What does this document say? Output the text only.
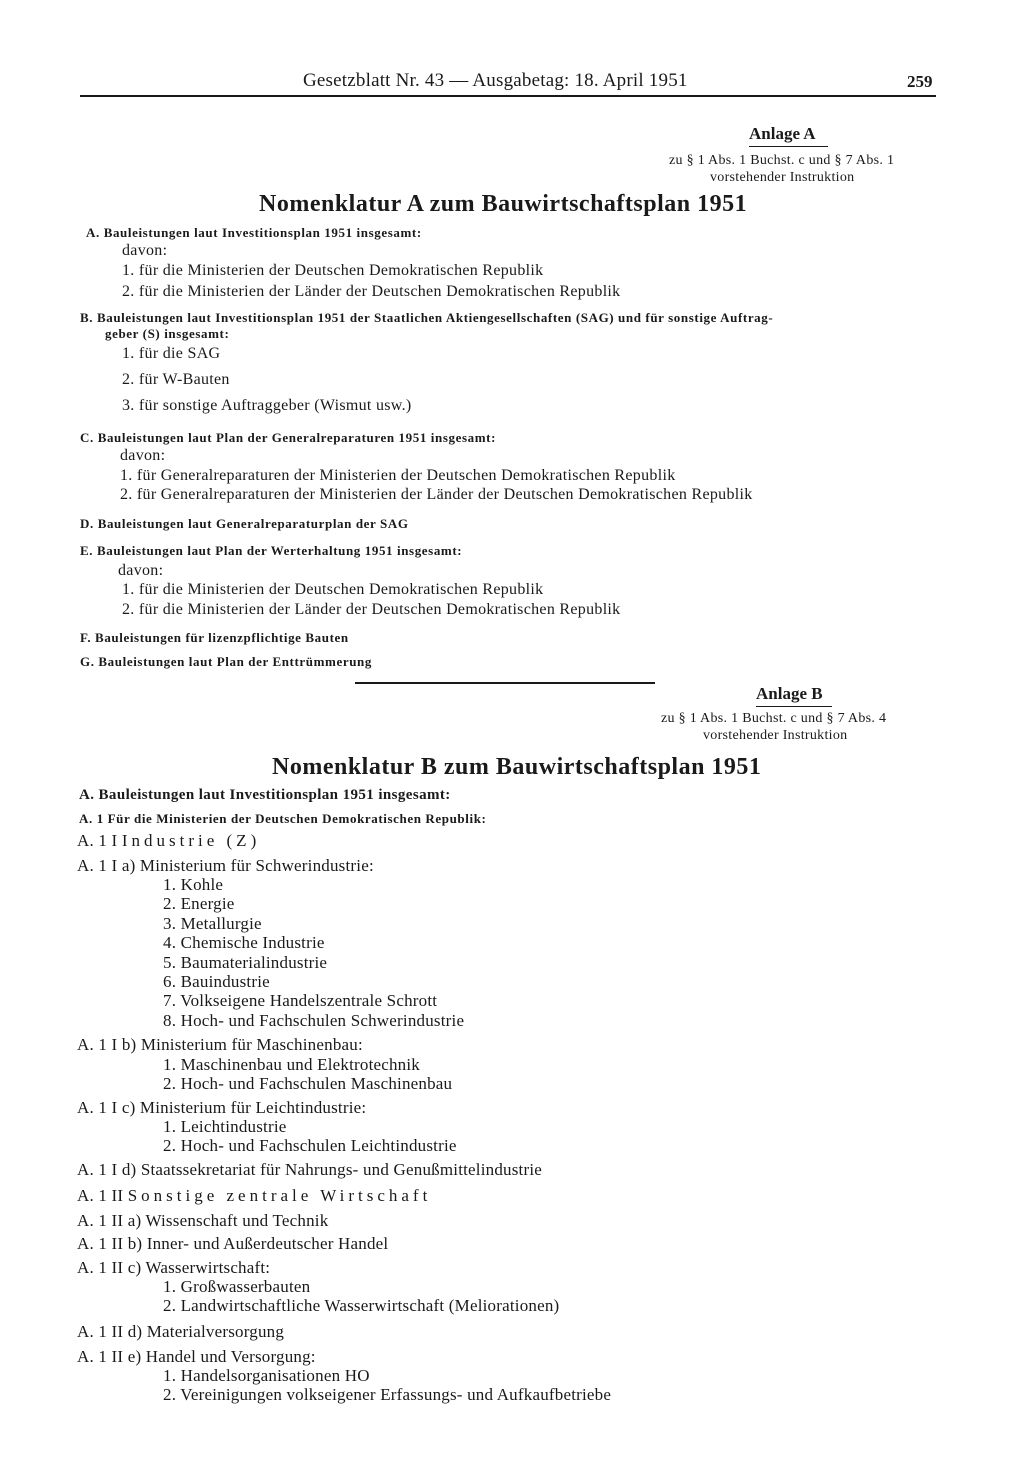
Gesetzblatt Nr. 43 — Ausgabetag: 18. April 1951	259
Anlage A
zu § 1 Abs. 1 Buchst. c und § 7 Abs. 1
vorstehender Instruktion
Nomenklatur A zum Bauwirtschaftsplan 1951
A. Bauleistungen laut Investitionsplan 1951 insgesamt:
davon:
1. für die Ministerien der Deutschen Demokratischen Republik
2. für die Ministerien der Länder der Deutschen Demokratischen Republik
B. Bauleistungen laut Investitionsplan 1951 der Staatlichen Aktiengesellschaften (SAG) und für sonstige Auftrag-
geber (S) insgesamt:
1. für die SAG
2. für W-Bauten
3. für sonstige Auftraggeber (Wismut usw.)
C. Bauleistungen laut Plan der Generalreparaturen 1951 insgesamt:
davon:
1. für Generalreparaturen der Ministerien der Deutschen Demokratischen Republik
2. für Generalreparaturen der Ministerien der Länder der Deutschen Demokratischen Republik
D. Bauleistungen laut Generalreparaturplan der SAG
E. Bauleistungen laut Plan der Werterhaltung 1951 insgesamt:
davon:
1. für die Ministerien der Deutschen Demokratischen Republik
2. für die Ministerien der Länder der Deutschen Demokratischen Republik
F. Bauleistungen für lizenzpflichtige Bauten
G. Bauleistungen laut Plan der Enttrümmerung
Anlage B
zu § 1 Abs. 1 Buchst. c und § 7 Abs. 4
vorstehender Instruktion
Nomenklatur B zum Bauwirtschaftsplan 1951
A. Bauleistungen laut Investitionsplan 1951 insgesamt:
A. 1 Für die Ministerien der Deutschen Demokratischen Republik:
A. 1 I Industrie (Z)
A. 1 I a) Ministerium für Schwerindustrie:
1. Kohle
2. Energie
3. Metallurgie
4. Chemische Industrie
5. Baumaterialindustrie
6. Bauindustrie
7. Volkseigene Handelszentrale Schrott
8. Hoch- und Fachschulen Schwerindustrie
A. 1 I b) Ministerium für Maschinenbau:
1. Maschinenbau und Elektrotechnik
2. Hoch- und Fachschulen Maschinenbau
A. 1 I c) Ministerium für Leichtindustrie:
1. Leichtindustrie
2. Hoch- und Fachschulen Leichtindustrie
A. 1 I d) Staatssekretariat für Nahrungs- und Genußmittelindustrie
A. 1 II Sonstige zentrale Wirtschaft
A. 1 II a) Wissenschaft und Technik
A. 1 II b) Inner- und Außerdeutscher Handel
A. 1 II c) Wasserwirtschaft:
1. Großwasserbauten
2. Landwirtschaftliche Wasserwirtschaft (Meliorationen)
A. 1 II d) Materialversorgung
A. 1 II e) Handel und Versorgung:
1. Handelsorganisationen HO
2. Vereinigungen volkseigener Erfassungs- und Aufkaufbetriebe
